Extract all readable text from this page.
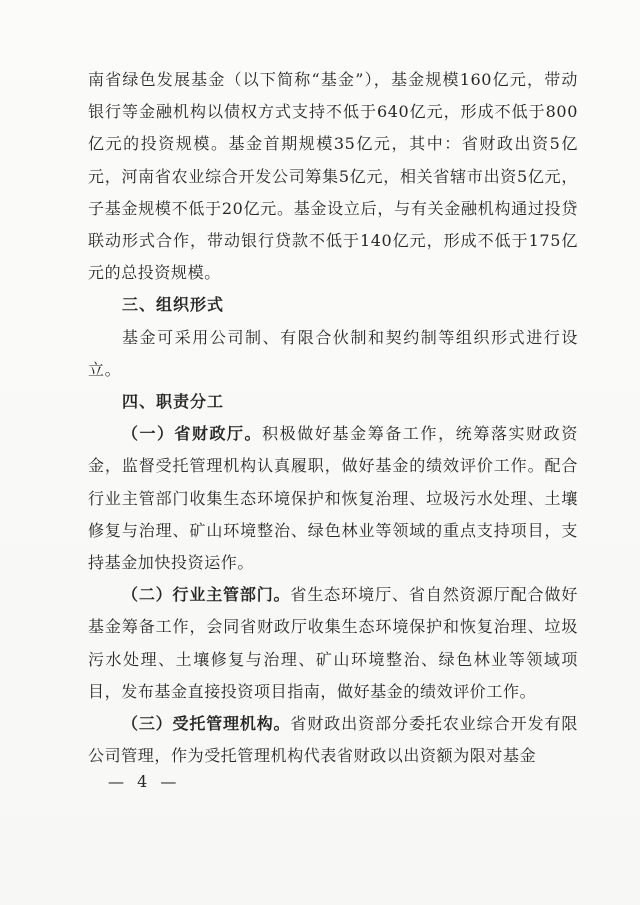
南省绿色发展基金（以下简称“基金”），基金规模160亿元，带动银行等金融机构以债权方式支持不低于640亿元，形成不低于800亿元的投资规模。基金首期规模35亿元，其中：省财政出资5亿元，河南省农业综合开发公司筹集5亿元，相关省辖市出资5亿元，子基金规模不低于20亿元。基金设立后，与有关金融机构通过投贷联动形式合作，带动银行贷款不低于140亿元，形成不低于175亿元的总投资规模。

三、组织形式

基金可采用公司制、有限合伙制和契约制等组织形式进行设立。

四、职责分工

（一）省财政厅。积极做好基金筹备工作，统筹落实财政资金，监督受托管理机构认真履职，做好基金的绩效评价工作。配合行业主管部门收集生态环境保护和恢复治理、垃圾污水处理、土壤修复与治理、矿山环境整治、绿色林业等领域的重点支持项目，支持基金加快投资运作。

（二）行业主管部门。省生态环境厅、省自然资源厅配合做好基金筹备工作，会同省财政厅收集生态环境保护和恢复治理、垃圾污水处理、土壤修复与治理、矿山环境整治、绿色林业等领域项目，发布基金直接投资项目指南，做好基金的绩效评价工作。

（三）受托管理机构。省财政出资部分委托农业综合开发有限公司管理，作为受托管理机构代表省财政以出资额为限对基金

— 4 —
